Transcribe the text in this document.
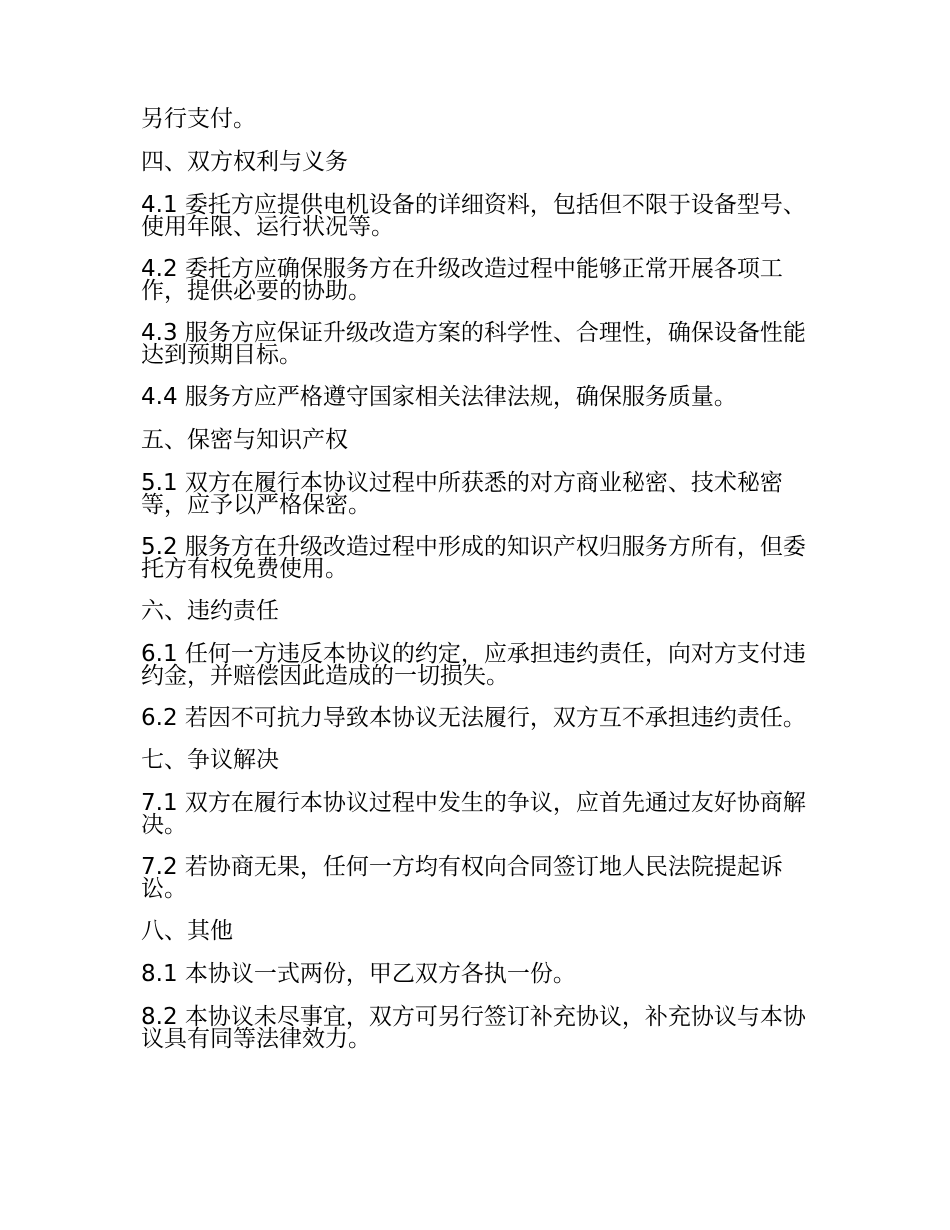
另行支付。

四、双方权利与义务

4.1 委托方应提供电机设备的详细资料，包括但不限于设备型号、使用年限、运行状况等。

4.2 委托方应确保服务方在升级改造过程中能够正常开展各项工作，提供必要的协助。

4.3 服务方应保证升级改造方案的科学性、合理性，确保设备性能达到预期目标。

4.4 服务方应严格遵守国家相关法律法规，确保服务质量。

五、保密与知识产权

5.1 双方在履行本协议过程中所获悉的对方商业秘密、技术秘密等，应予以严格保密。

5.2 服务方在升级改造过程中形成的知识产权归服务方所有，但委托方有权免费使用。

六、违约责任

6.1 任何一方违反本协议的约定，应承担违约责任，向对方支付违约金，并赔偿因此造成的一切损失。

6.2 若因不可抗力导致本协议无法履行，双方互不承担违约责任。

七、争议解决

7.1 双方在履行本协议过程中发生的争议，应首先通过友好协商解决。

7.2 若协商无果，任何一方均有权向合同签订地人民法院提起诉讼。

八、其他

8.1 本协议一式两份，甲乙双方各执一份。

8.2 本协议未尽事宜，双方可另行签订补充协议，补充协议与本协议具有同等法律效力。
